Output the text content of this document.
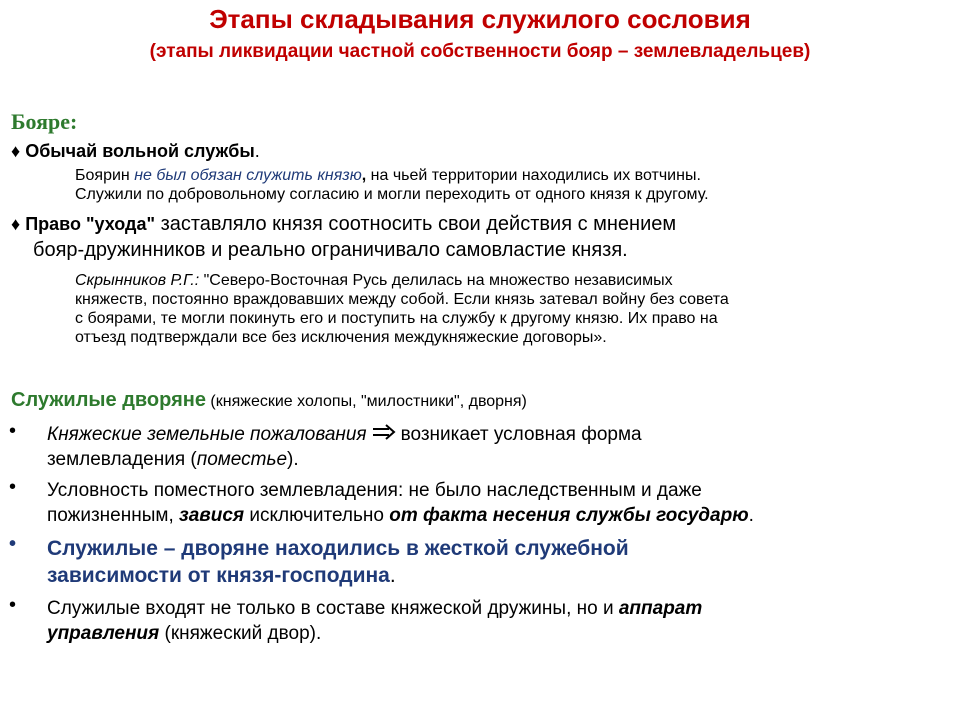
Этапы складывания служилого сословия
(этапы ликвидации частной собственности бояр – землевладельцев)
Бояре:
♦ Обычай вольной службы.
Боярин не был обязан служить князю, на чьей территории находились их вотчины.
Служили по добровольному согласию и могли переходить от одного князя к другому.
♦ Право "ухода" заставляло князя соотносить свои действия с мнением
бояр-дружинников и реально ограничивало самовластие князя.
Скрынников Р.Г.: "Северо-Восточная Русь делилась на множество независимых
княжеств, постоянно враждовавших между собой. Если князь затевал войну без совета
с боярами, те могли покинуть его и поступить на службу к другому князю. Их право на
отъезд подтверждали все без исключения междукняжеские договоры».
Служилые дворяне (княжеские холопы, "милостники", дворня)
• Княжеские земельные пожалования возникает условная форма
землевладения (поместье).
• Условность поместного землевладения: не было наследственным и даже
пожизненным, завися исключительно от факта несения службы государю.
• Служилые – дворяне находились в жесткой служебной
зависимости от князя-господина.
• Служилые входят не только в составе княжеской дружины, но и аппарат
управления (княжеский двор).
